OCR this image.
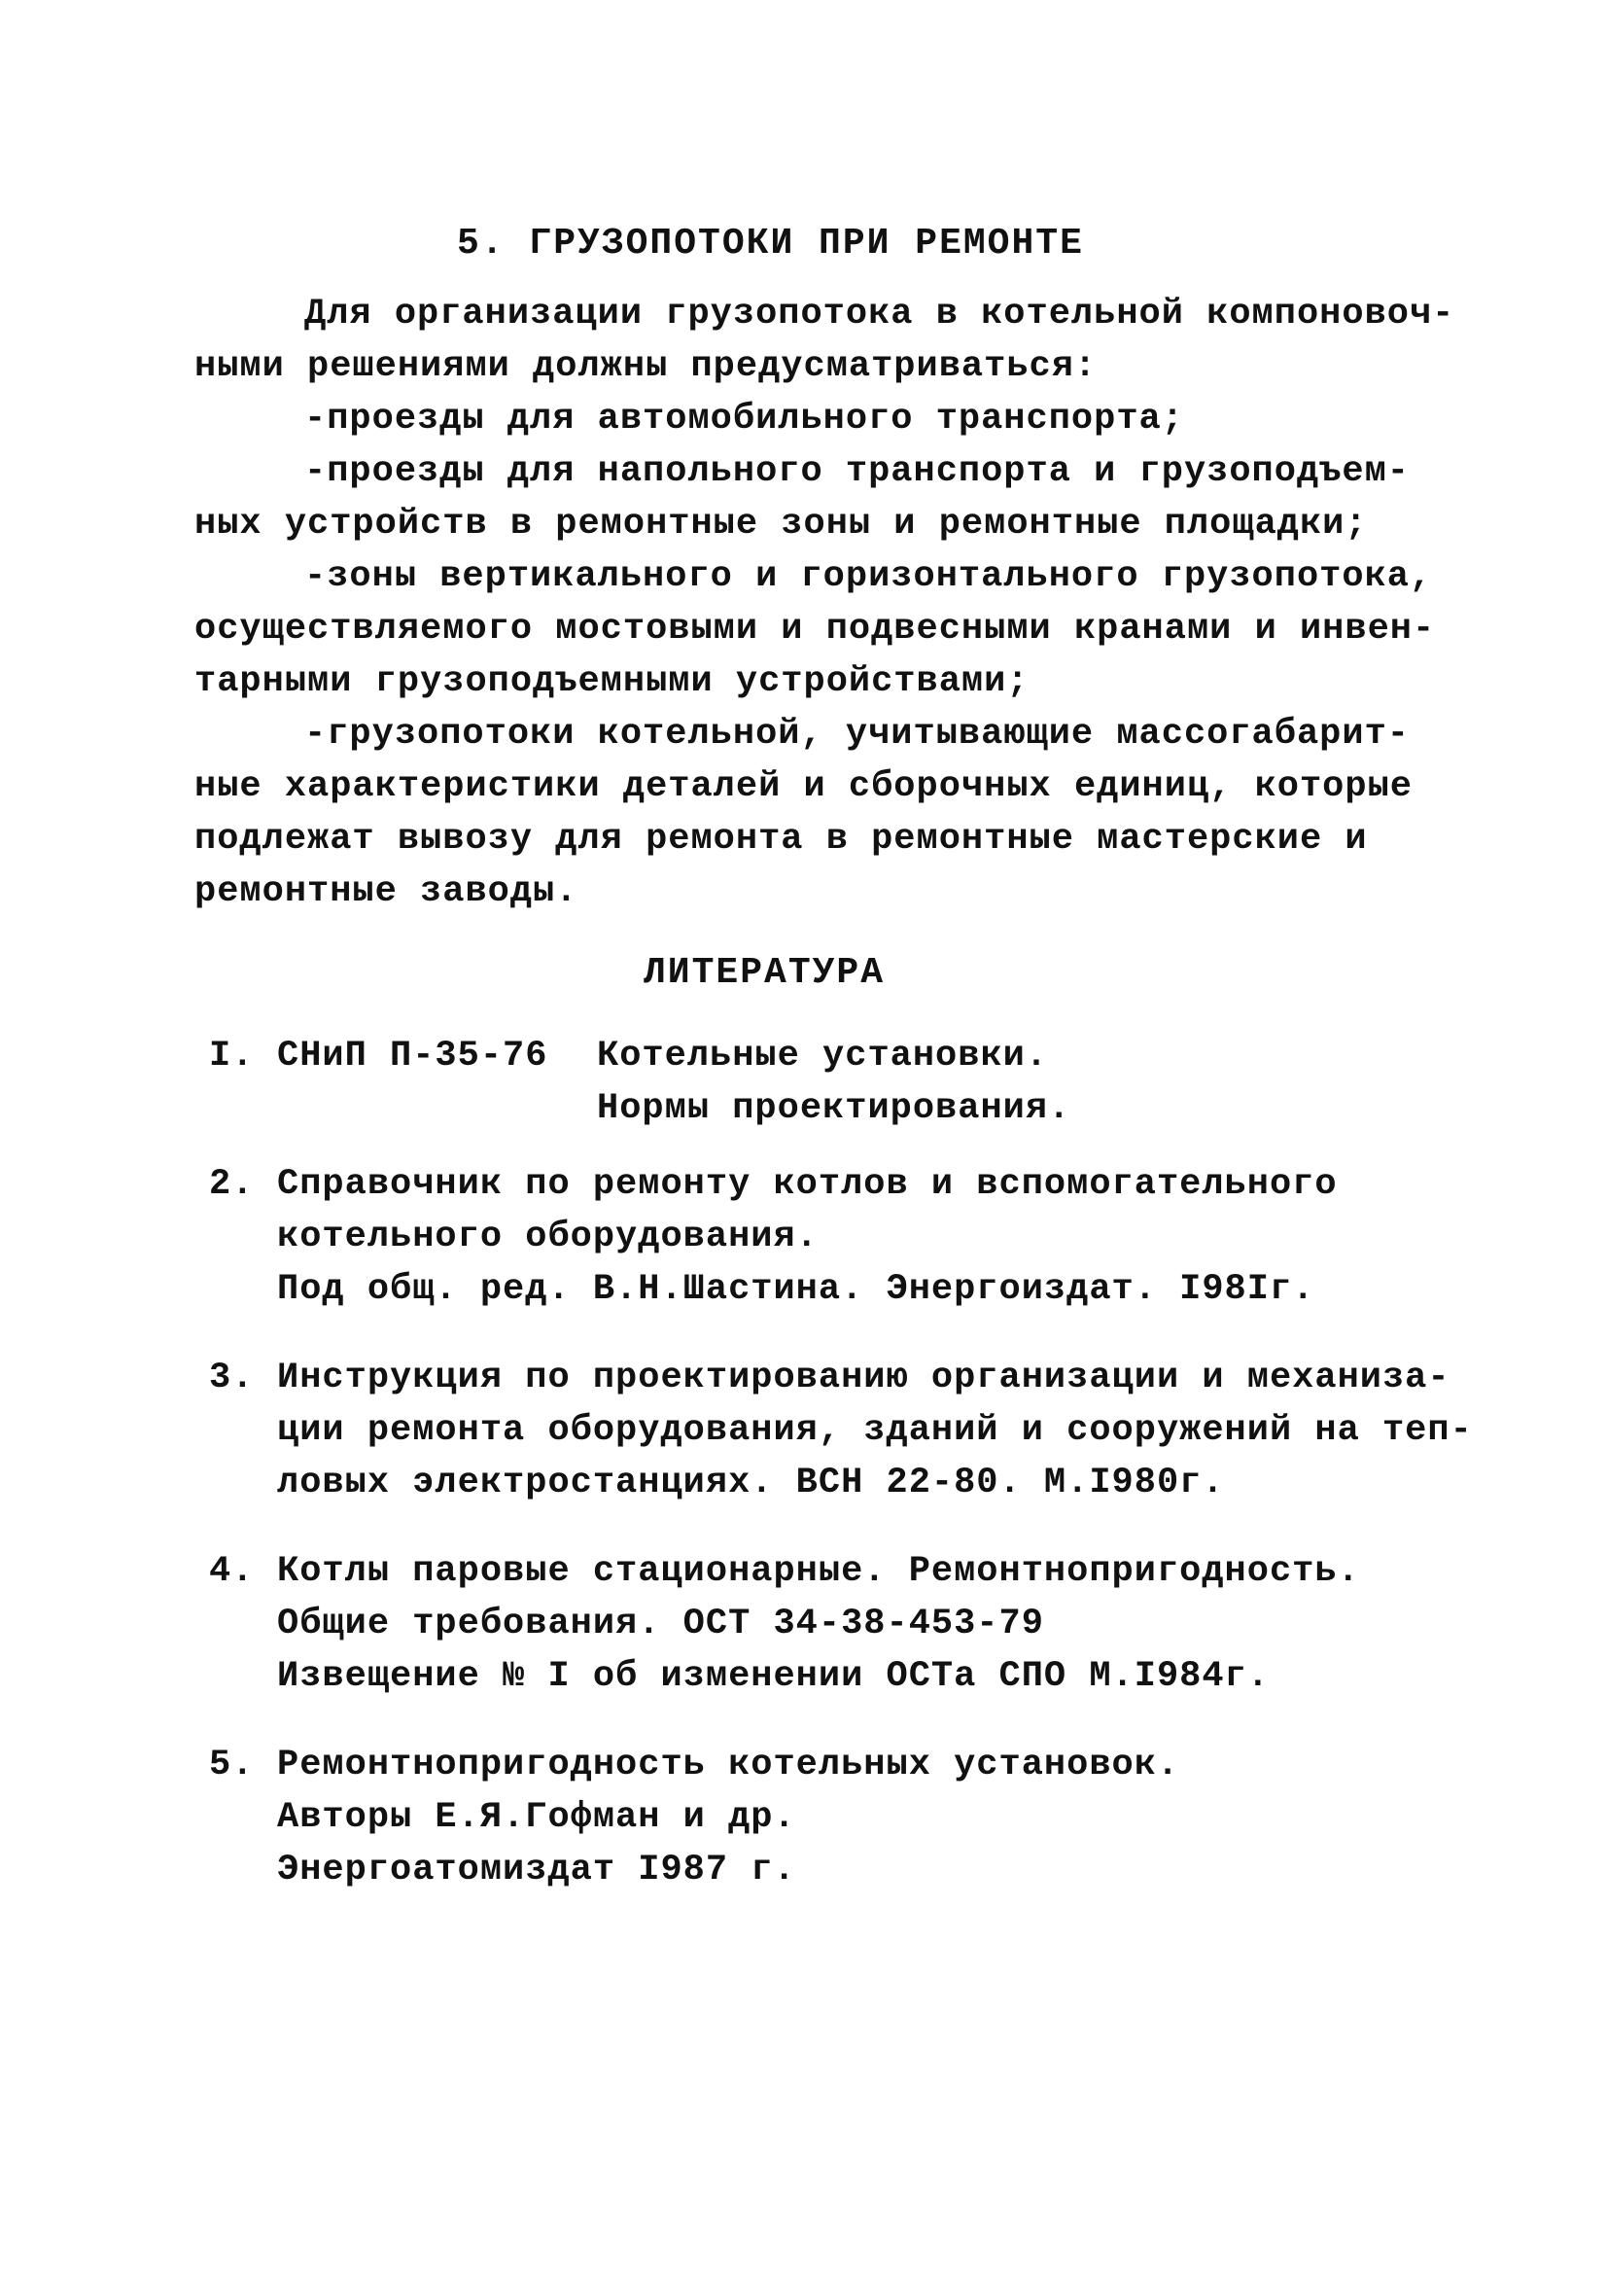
5. ГРУЗОПОТОКИ ПРИ РЕМОНТЕ
Для организации грузопотока в котельной компоновоч-
ными решениями должны предусматриваться:
-проезды для автомобильного транспорта;
-проезды для напольного транспорта и грузоподъем-
ных устройств в ремонтные зоны и ремонтные площадки;
-зоны вертикального и горизонтального грузопотока,
осуществляемого мостовыми и подвесными кранами и инвен-
тарными грузоподъемными устройствами;
-грузопотоки котельной, учитывающие массогабарит-
ные характеристики деталей и сборочных единиц, которые
подлежат вывозу для ремонта в ремонтные мастерские и
ремонтные заводы.
ЛИТЕРАТУРА
I. СНиП П-35-76 Котельные установки.
Нормы проектирования.
2. Справочник по ремонту котлов и вспомогательного
котельного оборудования.
Под общ. ред. В.Н.Шастина. Энергоиздат. I98Iг.
3. Инструкция по проектированию организации и механиза-
ции ремонта оборудования, зданий и сооружений на теп-
ловых электростанциях. ВСН 22-80. М.I980г.
4. Котлы паровые стационарные. Ремонтнопригодность.
Общие требования. ОСТ 34-38-453-79
Извещение № I об изменении ОСТа СПО М.I984г.
5. Ремонтнопригодность котельных установок.
Авторы Е.Я.Гофман и др.
Энергоатомиздат I987 г.
